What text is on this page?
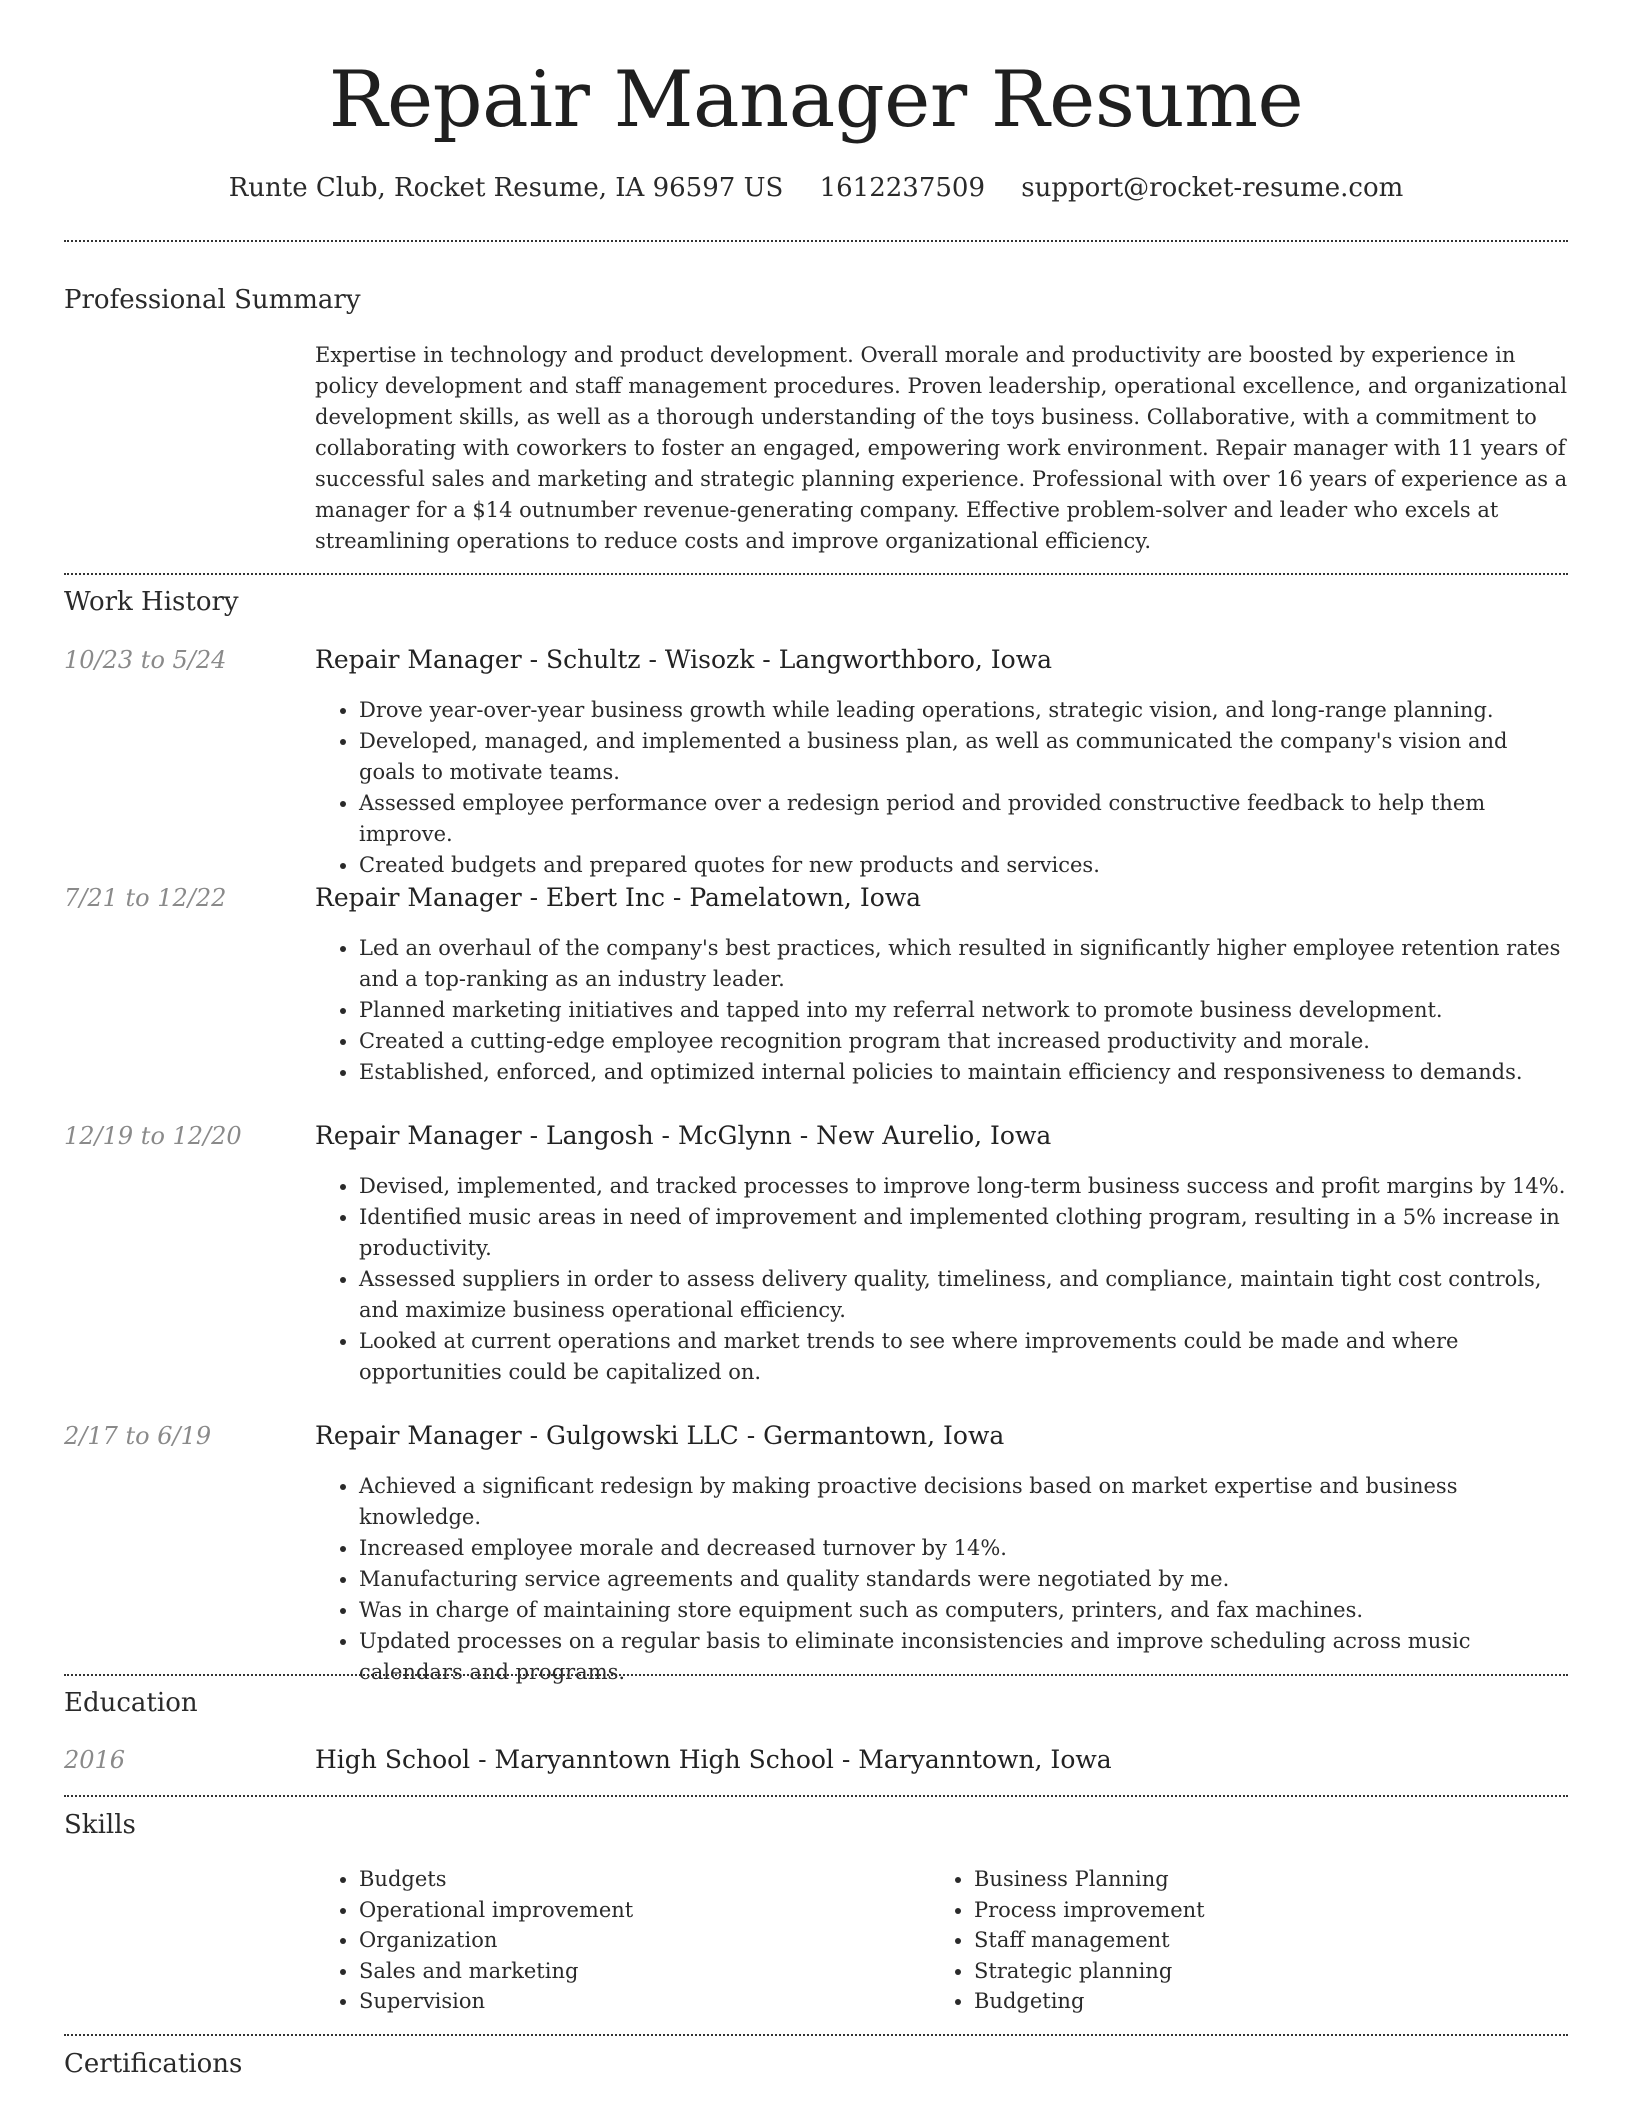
Repair Manager Resume
Runte Club, Rocket Resume, IA 96597 US 1612237509 support@rocket-resume.com
Professional Summary
Expertise in technology and product development. Overall morale and productivity are boosted by experience in policy development and staff management procedures. Proven leadership, operational excellence, and organizational development skills, as well as a thorough understanding of the toys business. Collaborative, with a commitment to collaborating with coworkers to foster an engaged, empowering work environment. Repair manager with 11 years of successful sales and marketing and strategic planning experience. Professional with over 16 years of experience as a manager for a $14 outnumber revenue-generating company. Effective problem-solver and leader who excels at streamlining operations to reduce costs and improve organizational efficiency.
Work History
10/23 to 5/24	Repair Manager - Schultz - Wisozk - Langworthboro, Iowa
• Drove year-over-year business growth while leading operations, strategic vision, and long-range planning.
• Developed, managed, and implemented a business plan, as well as communicated the company's vision and goals to motivate teams.
• Assessed employee performance over a redesign period and provided constructive feedback to help them improve.
• Created budgets and prepared quotes for new products and services.
7/21 to 12/22	Repair Manager - Ebert Inc - Pamelatown, Iowa
• Led an overhaul of the company's best practices, which resulted in significantly higher employee retention rates and a top-ranking as an industry leader.
• Planned marketing initiatives and tapped into my referral network to promote business development.
• Created a cutting-edge employee recognition program that increased productivity and morale.
• Established, enforced, and optimized internal policies to maintain efficiency and responsiveness to demands.
12/19 to 12/20	Repair Manager - Langosh - McGlynn - New Aurelio, Iowa
• Devised, implemented, and tracked processes to improve long-term business success and profit margins by 14%.
• Identified music areas in need of improvement and implemented clothing program, resulting in a 5% increase in productivity.
• Assessed suppliers in order to assess delivery quality, timeliness, and compliance, maintain tight cost controls, and maximize business operational efficiency.
• Looked at current operations and market trends to see where improvements could be made and where opportunities could be capitalized on.
2/17 to 6/19	Repair Manager - Gulgowski LLC - Germantown, Iowa
• Achieved a significant redesign by making proactive decisions based on market expertise and business knowledge.
• Increased employee morale and decreased turnover by 14%.
• Manufacturing service agreements and quality standards were negotiated by me.
• Was in charge of maintaining store equipment such as computers, printers, and fax machines.
• Updated processes on a regular basis to eliminate inconsistencies and improve scheduling across music calendars and programs.
Education
2016	High School - Maryanntown High School - Maryanntown, Iowa
Skills
• Budgets
• Operational improvement
• Organization
• Sales and marketing
• Supervision
• Business Planning
• Process improvement
• Staff management
• Strategic planning
• Budgeting
Certifications
